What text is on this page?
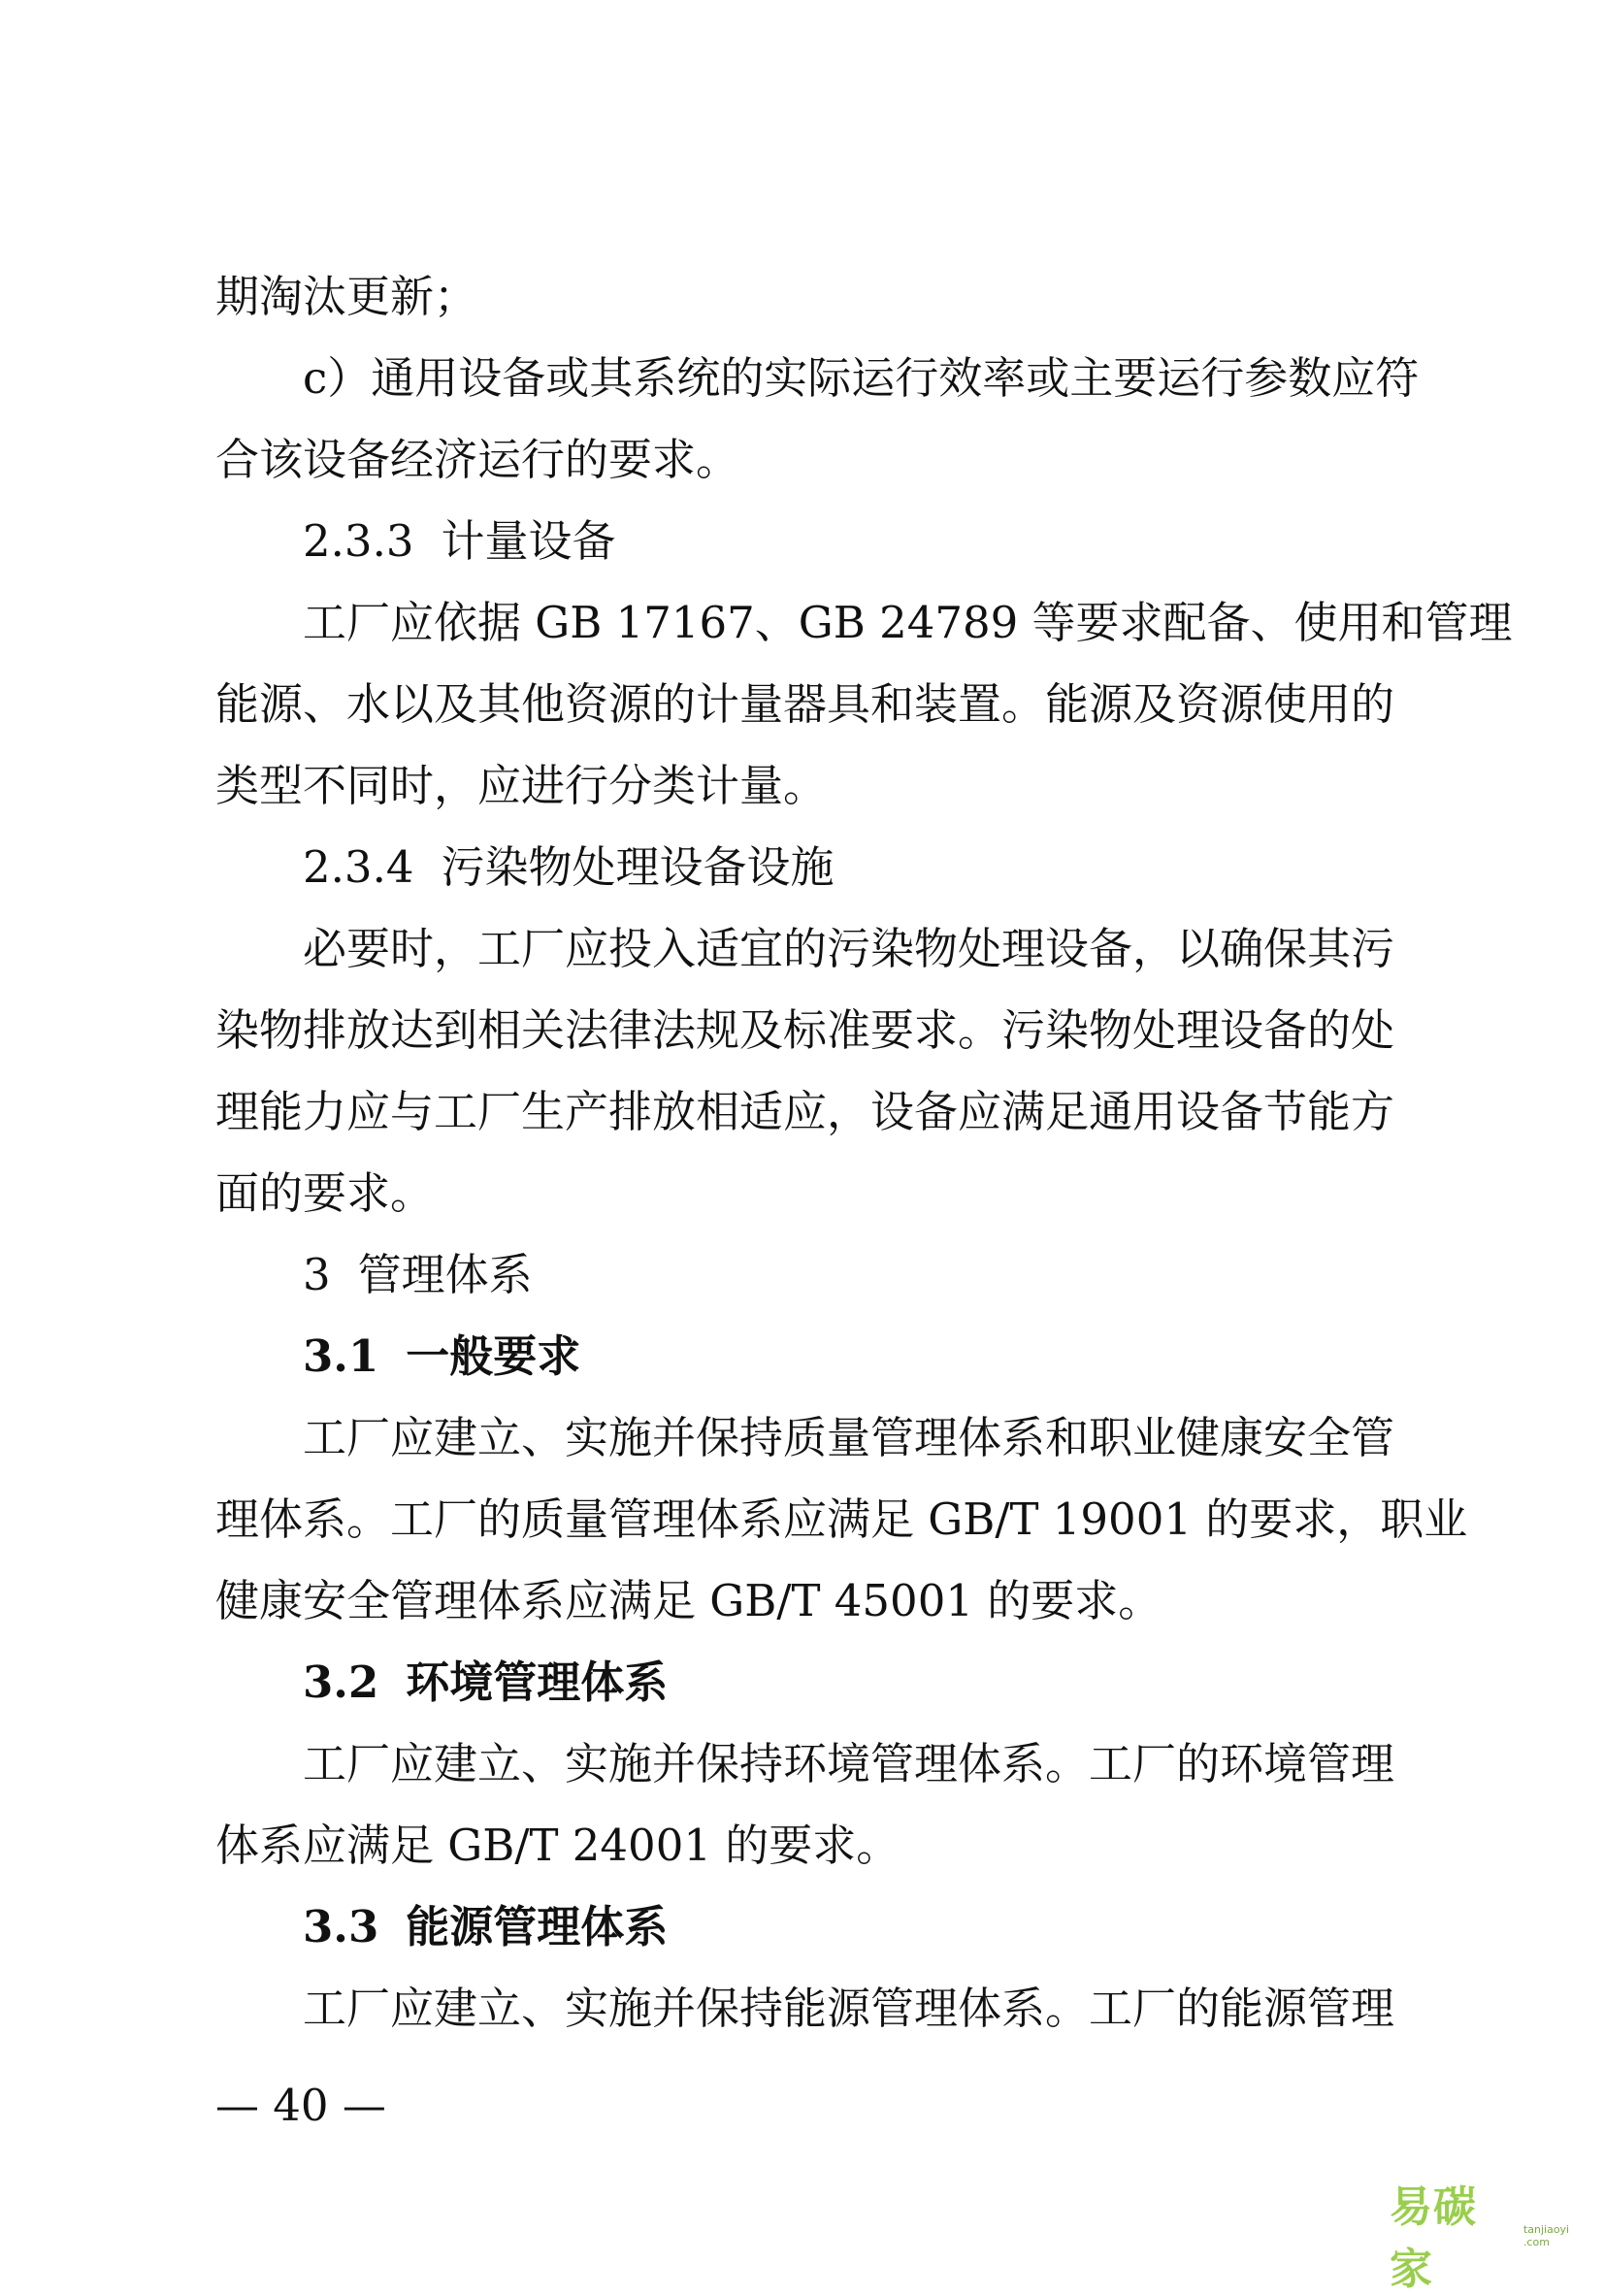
期淘汰更新；

c）通用设备或其系统的实际运行效率或主要运行参数应符

合该设备经济运行的要求。

2.3.3 计量设备

工厂应依据 GB 17167、GB 24789 等要求配备、使用和管理

能源、水以及其他资源的计量器具和装置。能源及资源使用的

类型不同时，应进行分类计量。

2.3.4 污染物处理设备设施

必要时，工厂应投入适宜的污染物处理设备，以确保其污

染物排放达到相关法律法规及标准要求。污染物处理设备的处

理能力应与工厂生产排放相适应，设备应满足通用设备节能方

面的要求。

3 管理体系
3.1 一般要求

工厂应建立、实施并保持质量管理体系和职业健康安全管

理体系。工厂的质量管理体系应满足 GB/T 19001 的要求，职业

健康安全管理体系应满足 GB/T 45001 的要求。

3.2 环境管理体系

工厂应建立、实施并保持环境管理体系。工厂的环境管理

体系应满足 GB/T 24001 的要求。

3.3 能源管理体系

工厂应建立、实施并保持能源管理体系。工厂的能源管理

— 40 —
易碳家
tanjiaoyi .com
